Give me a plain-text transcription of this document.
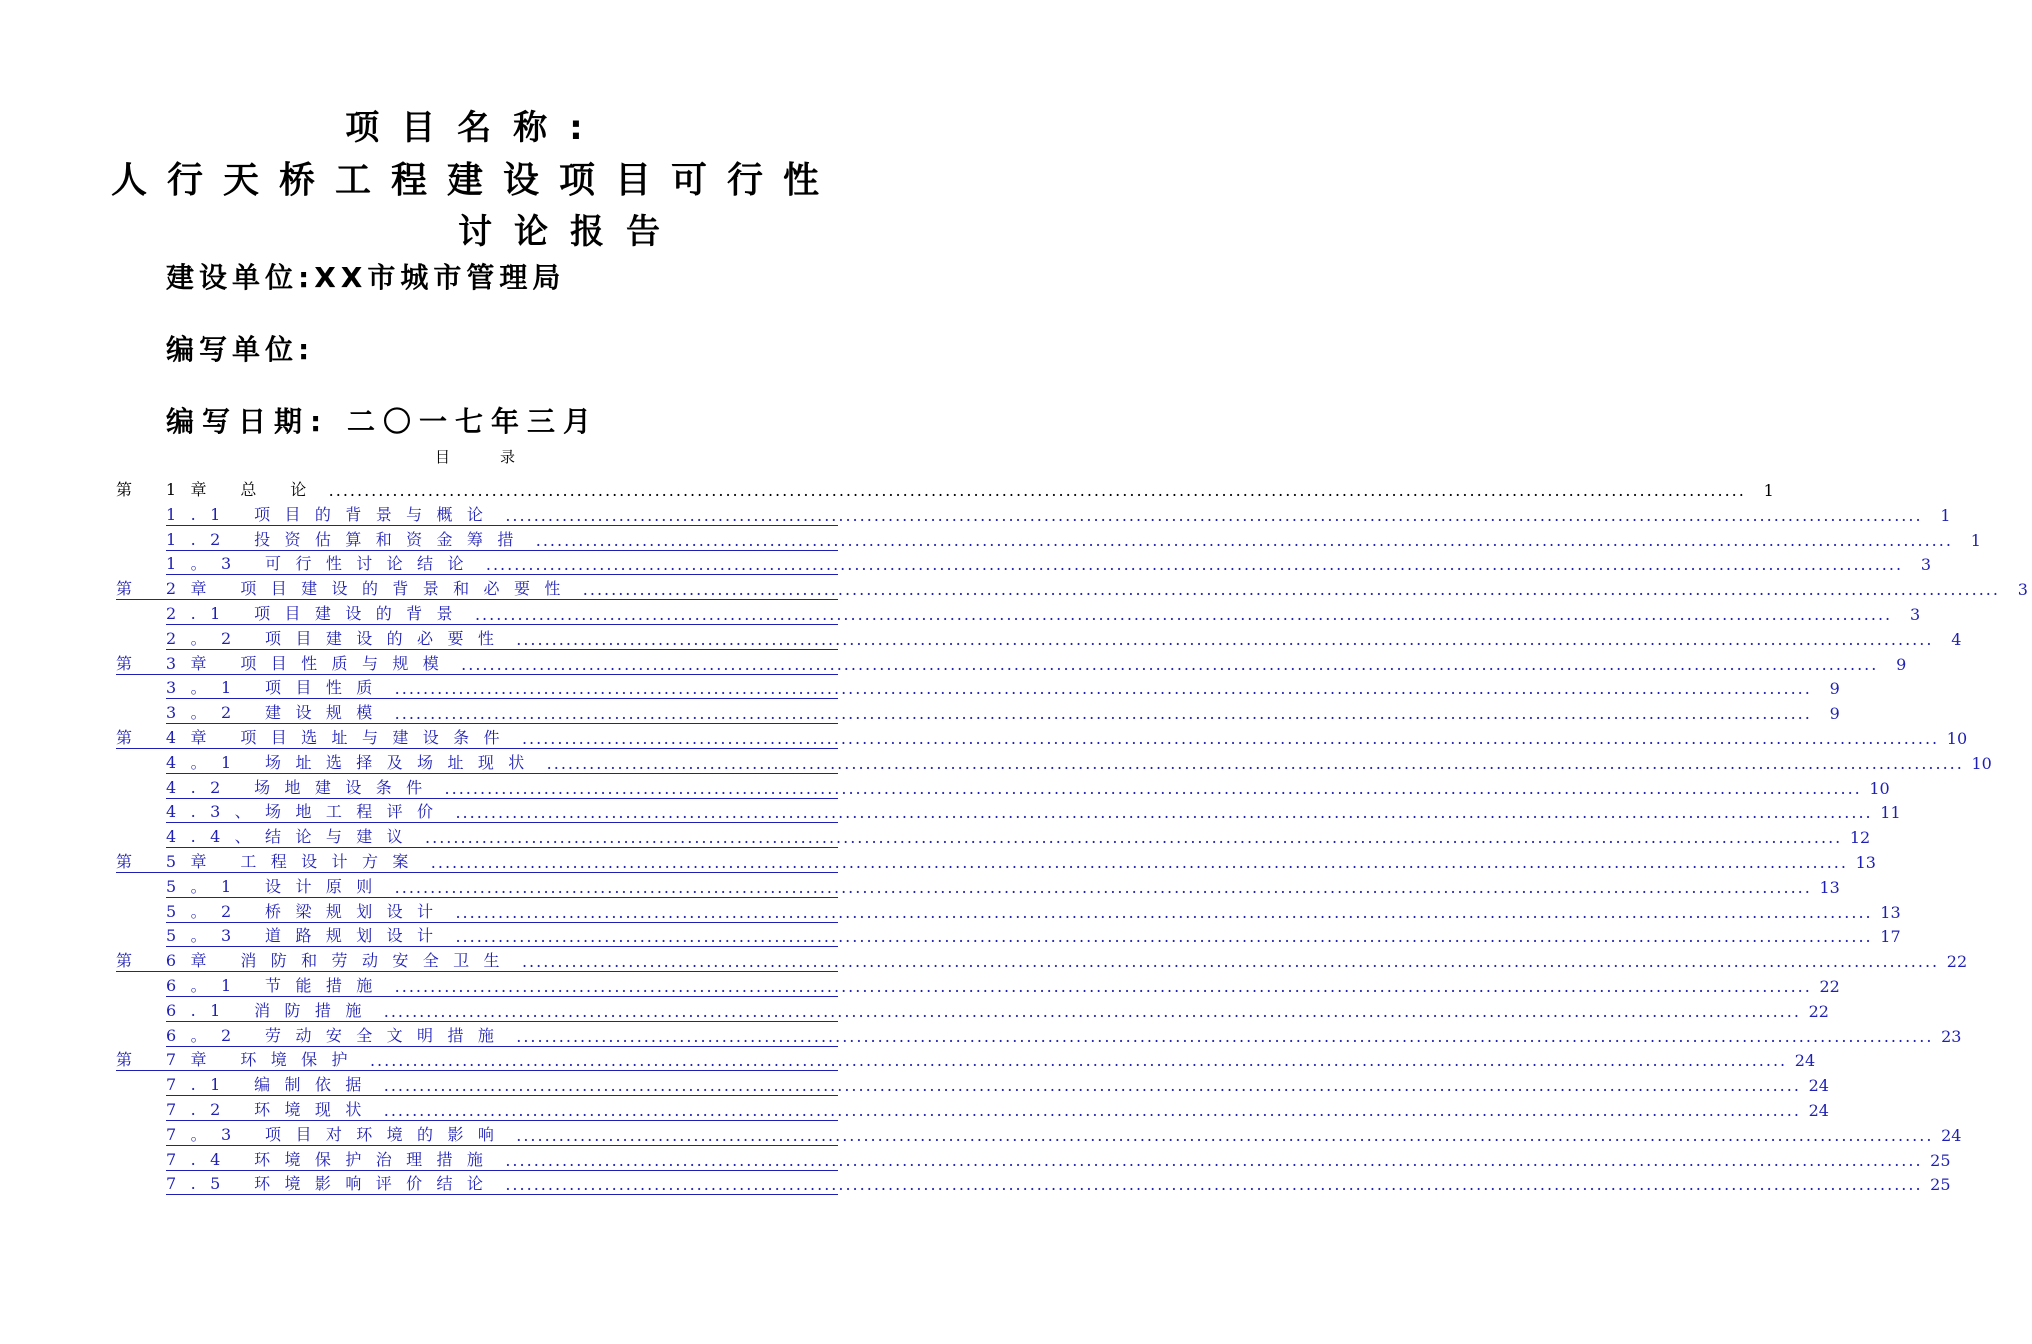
项目名称:
人行天桥工程建设项目可行性
讨论报告
建设单位:XX市城市管理局
编写单位:
编写日期: 二〇一七年三月
目录
第 1章 总 论 ........................................................................................................................................................................................................	1
1.1 项目的背景与概论 ........................................................................................................................................................................................................	1
1.2 投资估算和资金筹措 ........................................................................................................................................................................................................	1
1。3 可行性讨论结论 ........................................................................................................................................................................................................	3
第 2章 项目建设的背景和必要性 ........................................................................................................................................................................................................	3
2.1 项目建设的背景 ........................................................................................................................................................................................................	3
2。2 项目建设的必要性 ........................................................................................................................................................................................................	4
第 3章 项目性质与规模 ........................................................................................................................................................................................................	9
3。1 项目性质 ........................................................................................................................................................................................................	9
3。2 建设规模 ........................................................................................................................................................................................................	9
第 4章 项目选址与建设条件 ........................................................................................................................................................................................................ 10
4。1 场址选择及场址现状 ........................................................................................................................................................................................................ 10
4.2 场地建设条件 ........................................................................................................................................................................................................ 10
4.3、场地工程评价 ........................................................................................................................................................................................................ 11
4.4、结论与建议 ........................................................................................................................................................................................................ 12
第 5章 工程设计方案 ........................................................................................................................................................................................................ 13
5。1 设计原则 ........................................................................................................................................................................................................ 13
5。2 桥梁规划设计 ........................................................................................................................................................................................................ 13
5。3 道路规划设计 ........................................................................................................................................................................................................ 17
第 6章 消防和劳动安全卫生 ........................................................................................................................................................................................................ 22
6。1 节能措施 ........................................................................................................................................................................................................ 22
6.1 消防措施 ........................................................................................................................................................................................................ 22
6。2 劳动安全文明措施 ........................................................................................................................................................................................................ 23
第 7章 环境保护 ........................................................................................................................................................................................................ 24
7.1 编制依据 ........................................................................................................................................................................................................ 24
7.2 环境现状 ........................................................................................................................................................................................................ 24
7。3 项目对环境的影响 ........................................................................................................................................................................................................ 24
7.4 环境保护治理措施 ........................................................................................................................................................................................................ 25
7.5 环境影响评价结论 ........................................................................................................................................................................................................ 25
